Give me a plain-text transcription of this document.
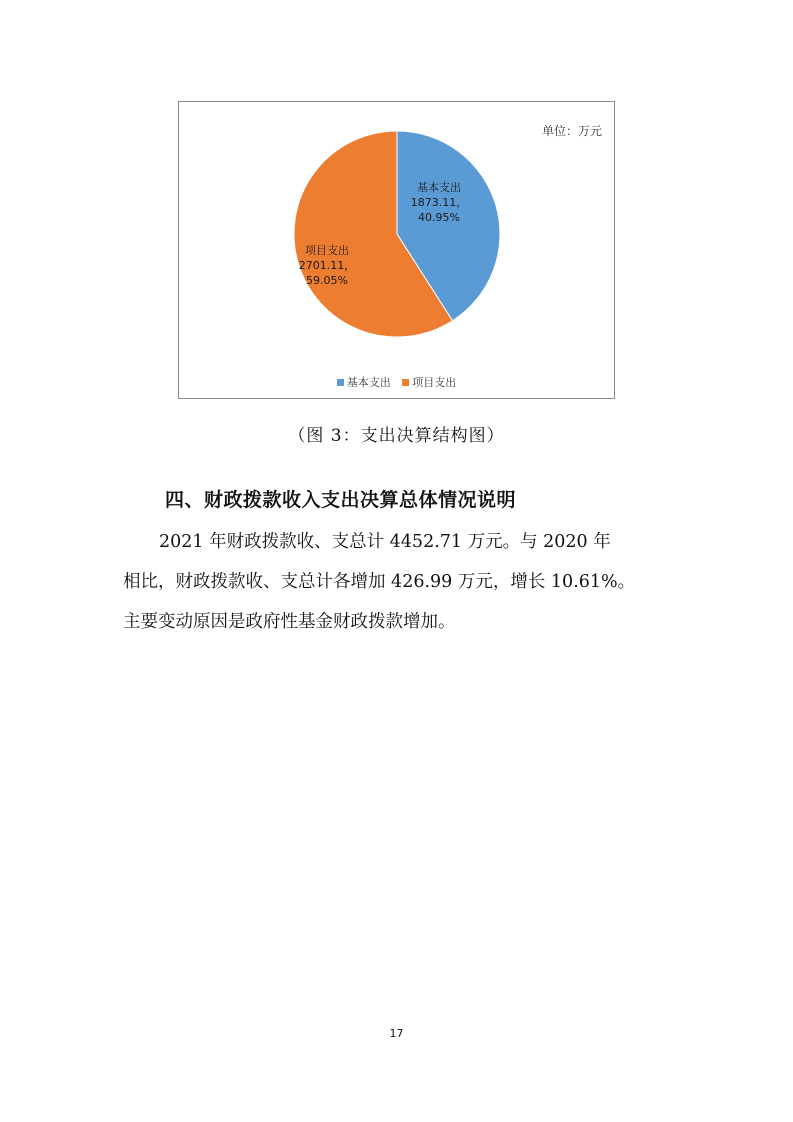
单位：万元
基本支出
1873.11，
40.95%
项目支出
2701.11，
59.05%
基本支出 项目支出
（图 3：支出决算结构图）
四、财政拨款收入支出决算总体情况说明
2021 年财政拨款收、支总计 4452.71 万元。与 2020 年
相比，财政拨款收、支总计各增加 426.99 万元，增长 10.61%。
主要变动原因是政府性基金财政拨款增加。
17
